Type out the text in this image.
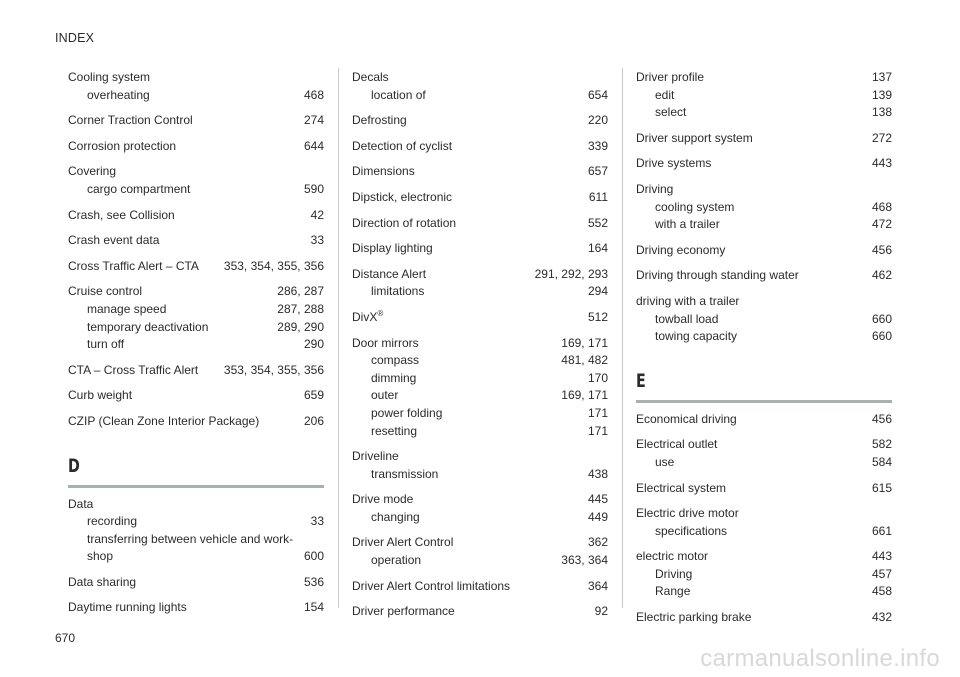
INDEX
Cooling system
overheating	468
Corner Traction Control	274
Corrosion protection	644
Covering
cargo compartment	590
Crash, see Collision	42
Crash event data	33
Cross Traffic Alert – CTA	353, 354, 355, 356
Cruise control	286, 287
manage speed	287, 288
temporary deactivation	289, 290
turn off	290
CTA – Cross Traffic Alert	353, 354, 355, 356
Curb weight	659
CZIP (Clean Zone Interior Package)	206
D
Data
recording	33
transferring between vehicle and work-
shop	600
Data sharing	536
Daytime running lights	154
Decals
location of	654
Defrosting	220
Detection of cyclist	339
Dimensions	657
Dipstick, electronic	611
Direction of rotation	552
Display lighting	164
Distance Alert	291, 292, 293
limitations	294
DivX®	512
Door mirrors	169, 171
compass	481, 482
dimming	170
outer	169, 171
power folding	171
resetting	171
Driveline
transmission	438
Drive mode	445
changing	449
Driver Alert Control	362
operation	363, 364
Driver Alert Control limitations	364
Driver performance	92
Driver profile	137
edit	139
select	138
Driver support system	272
Drive systems	443
Driving
cooling system	468
with a trailer	472
Driving economy	456
Driving through standing water	462
driving with a trailer
towball load	660
towing capacity	660
E
Economical driving	456
Electrical outlet	582
use	584
Electrical system	615
Electric drive motor
specifications	661
electric motor	443
Driving	457
Range	458
Electric parking brake	432
670
carmanualsonline.info
